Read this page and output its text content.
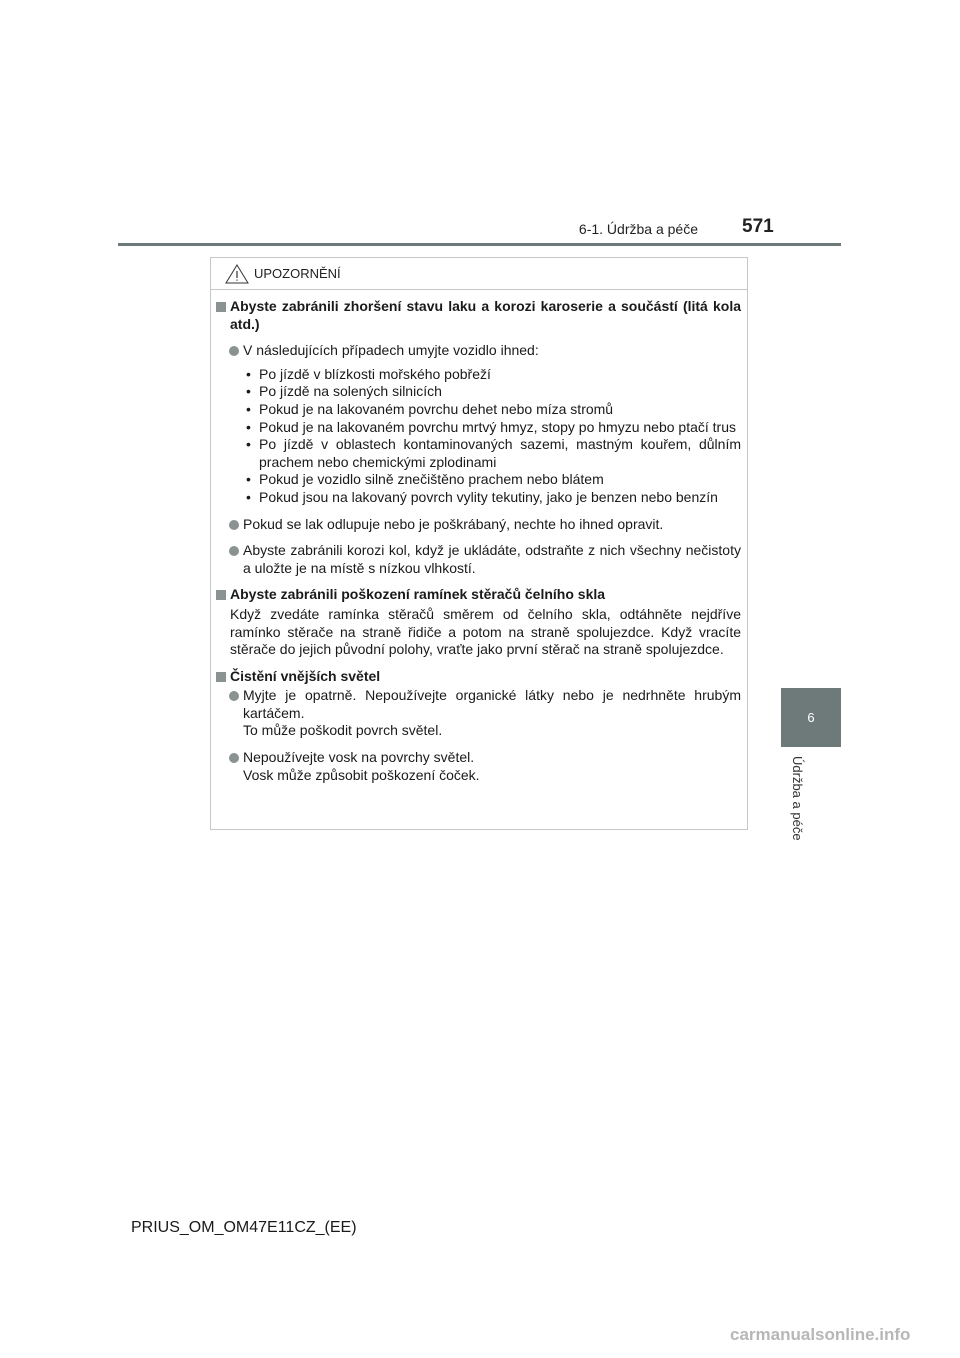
6-1. Údržba a péče 571
6
Údržba a péče
UPOZORNĚNÍ
Abyste zabránili zhoršení stavu laku a korozi karoserie a součástí (litá kola atd.)
V následujících případech umyjte vozidlo ihned:
• Po jízdě v blízkosti mořského pobřeží
• Po jízdě na solených silnicích
• Pokud je na lakovaném povrchu dehet nebo míza stromů
• Pokud je na lakovaném povrchu mrtvý hmyz, stopy po hmyzu nebo ptačí trus
• Po jízdě v oblastech kontaminovaných sazemi, mastným kouřem, důlním prachem nebo chemickými zplodinami
• Pokud je vozidlo silně znečištěno prachem nebo blátem
• Pokud jsou na lakovaný povrch vylity tekutiny, jako je benzen nebo benzín
Pokud se lak odlupuje nebo je poškrábaný, nechte ho ihned opravit.
Abyste zabránili korozi kol, když je ukládáte, odstraňte z nich všechny nečistoty a uložte je na místě s nízkou vlhkostí.
Abyste zabránili poškození ramínek stěračů čelního skla
Když zvedáte ramínka stěračů směrem od čelního skla, odtáhněte nejdříve ramínko stěrače na straně řidiče a potom na straně spolujezdce. Když vracíte stěrače do jejich původní polohy, vraťte jako první stěrač na straně spolujezdce.
Čistění vnějších světel
Myjte je opatrně. Nepoužívejte organické látky nebo je nedrhněte hrubým kartáčem.
To může poškodit povrch světel.
Nepoužívejte vosk na povrchy světel.
Vosk může způsobit poškození čoček.
PRIUS_OM_OM47E11CZ_(EE)
carmanualsonline.info
